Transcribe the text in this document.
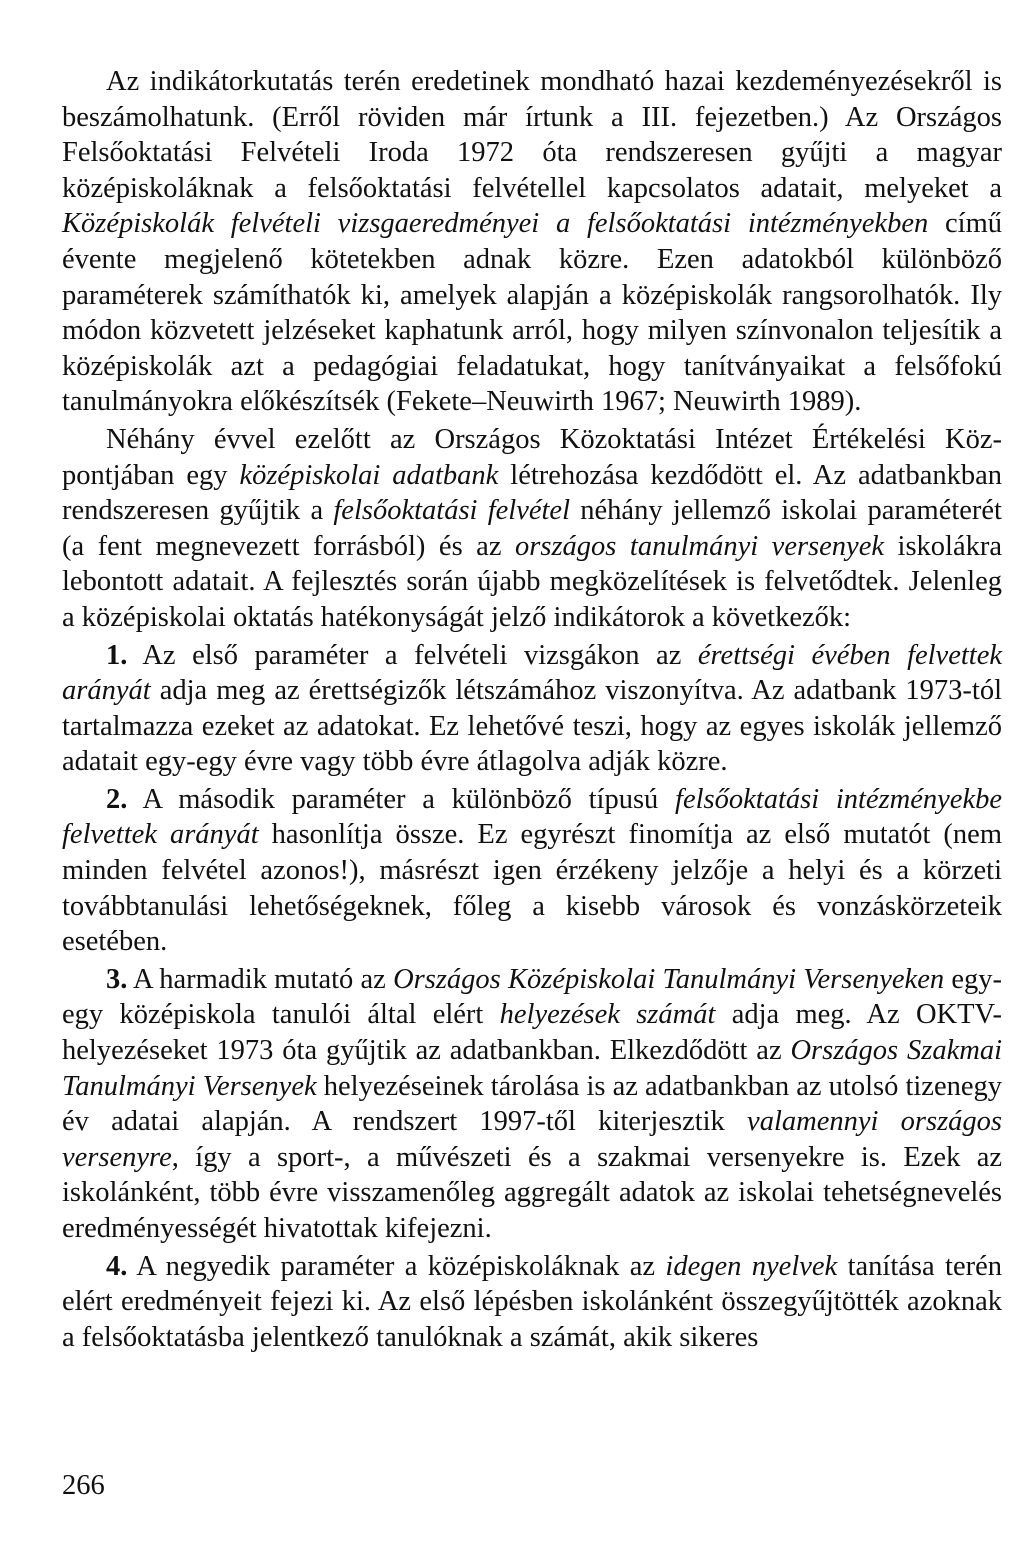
Az indikátorkutatás terén eredetinek mondható hazai kezdeményezésekről is beszámolhatunk. (Erről röviden már írtunk a III. fejezetben.) Az Országos Felsőoktatási Felvételi Iroda 1972 óta rendszeresen gyűjti a magyar középiskoláknak a felsőoktatási felvétellel kapcsolatos adatait, melyeket a Középiskolák felvételi vizsgaeredményei a felsőoktatási intézményekben című évente megjelenő kötetekben adnak közre. Ezen adatokból különböző paraméterek számíthatók ki, amelyek alapján a középiskolák rangsorolhatók. Ily módon közvetett jelzéseket kaphatunk arról, hogy milyen színvonalon teljesítik a középiskolák azt a pedagógiai feladatukat, hogy tanítványaikat a felsőfokú tanulmányokra előkészítsék (Fekete–Neuwirth 1967; Neuwirth 1989).

Néhány évvel ezelőtt az Országos Közoktatási Intézet Értékelési Központjában egy középiskolai adatbank létrehozása kezdődött el. Az adatbankban rendszeresen gyűjtik a felsőoktatási felvétel néhány jellemző iskolai paraméterét (a fent megnevezett forrásból) és az országos tanulmányi versenyek iskolákra lebontott adatait. A fejlesztés során újabb megközelítések is felvetődtek. Jelenleg a középiskolai oktatás hatékonyságát jelző indikátorok a következők:

1. Az első paraméter a felvételi vizsgákon az érettségi évében felvettek arányát adja meg az érettségizők létszámához viszonyítva. Az adatbank 1973-tól tartalmazza ezeket az adatokat. Ez lehetővé teszi, hogy az egyes iskolák jellemző adatait egy-egy évre vagy több évre átlagolva adják közre.

2. A második paraméter a különböző típusú felsőoktatási intézményekbe felvettek arányát hasonlítja össze. Ez egyrészt finomítja az első mutatót (nem minden felvétel azonos!), másrészt igen érzékeny jelzője a helyi és a körzeti továbbtanulási lehetőségeknek, főleg a kisebb városok és vonzáskörzeteik esetében.

3. A harmadik mutató az Országos Középiskolai Tanulmányi Versenyeken egy-egy középiskola tanulói által elért helyezések számát adja meg. Az OKTV-helyezéseket 1973 óta gyűjtik az adatbankban. Elkezdődött az Országos Szakmai Tanulmányi Versenyek helyezéseinek tárolása is az adatbankban az utolsó tizenegy év adatai alapján. A rendszert 1997-től kiterjesztik valamennyi országos versenyre, így a sport-, a művészeti és a szakmai versenyekre is. Ezek az iskolánként, több évre visszamenőleg aggregált adatok az iskolai tehetségnevelés eredményességét hivatottak kifejezni.

4. A negyedik paraméter a középiskoláknak az idegen nyelvek tanítása terén elért eredményeit fejezi ki. Az első lépésben iskolánként összegyűjtötték azoknak a felsőoktatásba jelentkező tanulóknak a számát, akik sikeres

266
